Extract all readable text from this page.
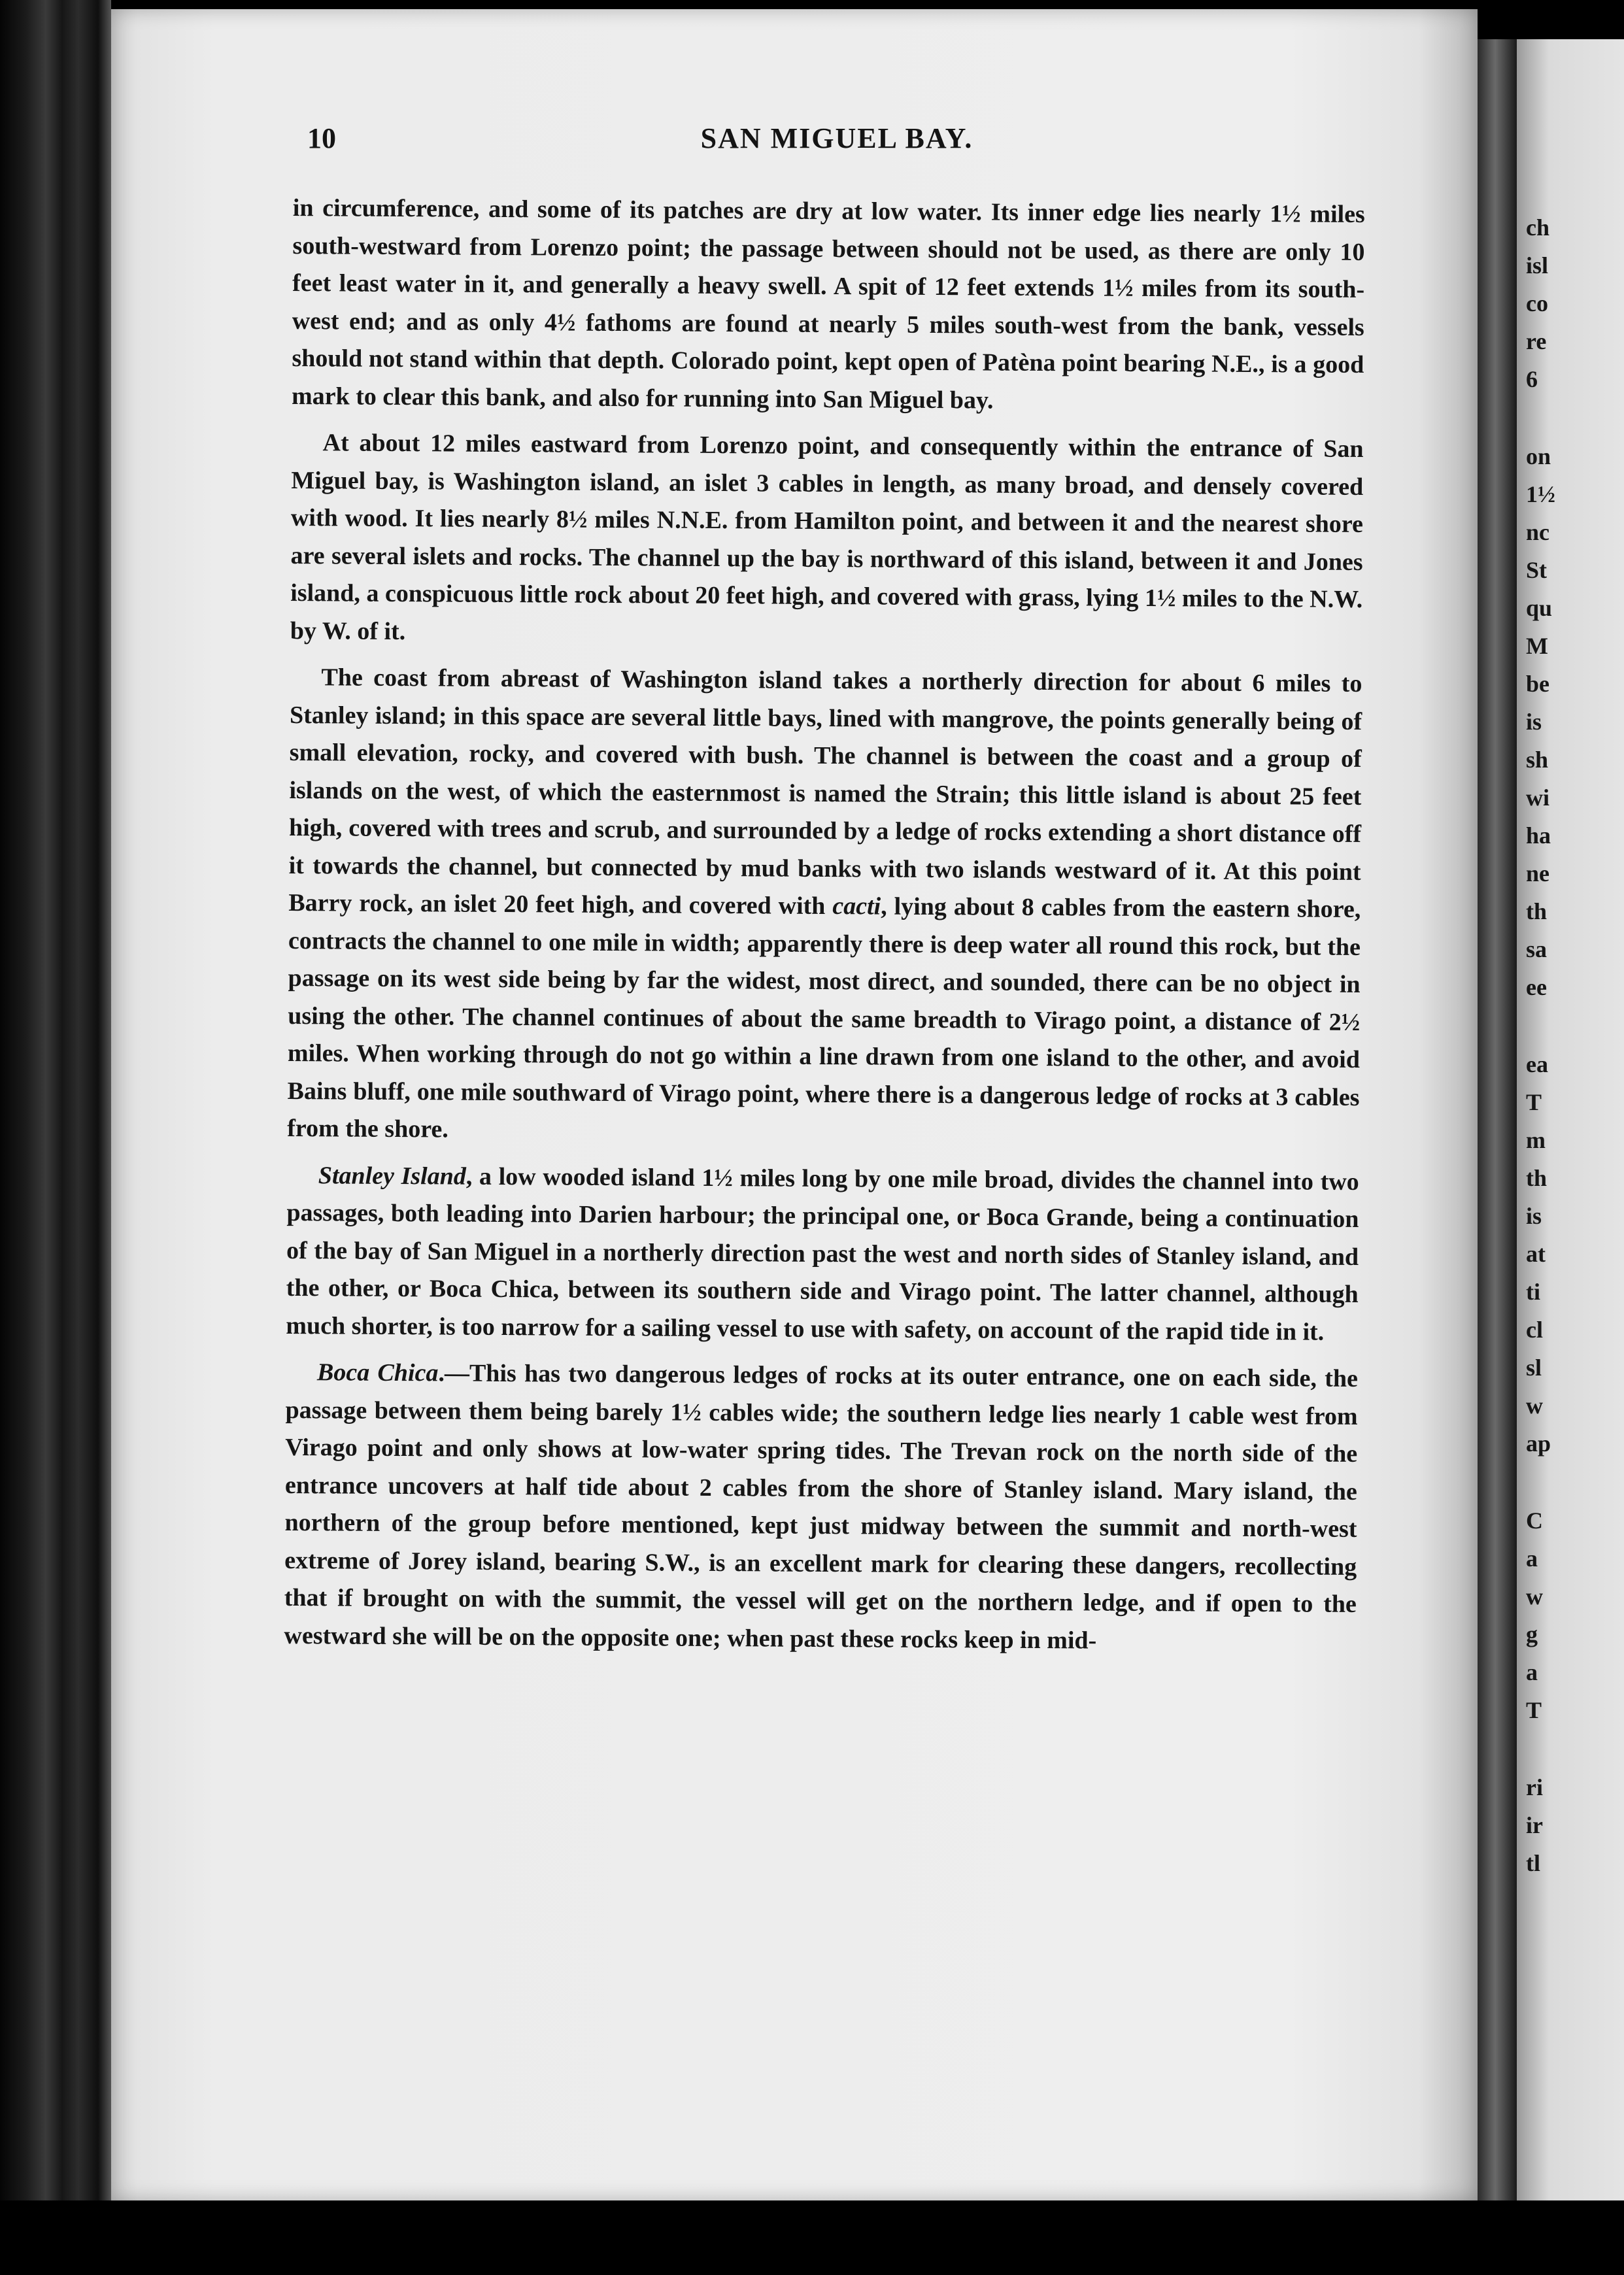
10	SAN MIGUEL BAY.

in circumference, and some of its patches are dry at low water. Its inner edge lies nearly 1½ miles south-westward from Lorenzo point; the passage between should not be used, as there are only 10 feet least water in it, and generally a heavy swell. A spit of 12 feet extends 1½ miles from its south-west end; and as only 4½ fathoms are found at nearly 5 miles south-west from the bank, vessels should not stand within that depth. Colorado point, kept open of Patèna point bearing N.E., is a good mark to clear this bank, and also for running into San Miguel bay.

At about 12 miles eastward from Lorenzo point, and consequently within the entrance of San Miguel bay, is Washington island, an islet 3 cables in length, as many broad, and densely covered with wood. It lies nearly 8½ miles N.N.E. from Hamilton point, and between it and the nearest shore are several islets and rocks. The channel up the bay is northward of this island, between it and Jones island, a conspicuous little rock about 20 feet high, and covered with grass, lying 1½ miles to the N.W. by W. of it.

The coast from abreast of Washington island takes a northerly direction for about 6 miles to Stanley island; in this space are several little bays, lined with mangrove, the points generally being of small elevation, rocky, and covered with bush. The channel is between the coast and a group of islands on the west, of which the easternmost is named the Strain; this little island is about 25 feet high, covered with trees and scrub, and surrounded by a ledge of rocks extending a short distance off it towards the channel, but connected by mud banks with two islands westward of it. At this point Barry rock, an islet 20 feet high, and covered with cacti, lying about 8 cables from the eastern shore, contracts the channel to one mile in width; apparently there is deep water all round this rock, but the passage on its west side being by far the widest, most direct, and sounded, there can be no object in using the other. The channel continues of about the same breadth to Virago point, a distance of 2½ miles. When working through do not go within a line drawn from one island to the other, and avoid Bains bluff, one mile southward of Virago point, where there is a dangerous ledge of rocks at 3 cables from the shore.

Stanley Island, a low wooded island 1½ miles long by one mile broad, divides the channel into two passages, both leading into Darien harbour; the principal one, or Boca Grande, being a continuation of the bay of San Miguel in a northerly direction past the west and north sides of Stanley island, and the other, or Boca Chica, between its southern side and Virago point. The latter channel, although much shorter, is too narrow for a sailing vessel to use with safety, on account of the rapid tide in it.

Boca Chica.—This has two dangerous ledges of rocks at its outer entrance, one on each side, the passage between them being barely 1½ cables wide; the southern ledge lies nearly 1 cable west from Virago point and only shows at low-water spring tides. The Trevan rock on the north side of the entrance uncovers at half tide about 2 cables from the shore of Stanley island. Mary island, the northern of the group before mentioned, kept just midway between the summit and north-west extreme of Jorey island, bearing S.W., is an excellent mark for clearing these dangers, recollecting that if brought on with the summit, the vessel will get on the northern ledge, and if open to the westward she will be on the opposite one; when past these rocks keep in mid-

ch
isl
co
re
6
on
1½
nc
St
qu
M
be
is
sh
wi
ha
ne
th
sa
ee
ea
T
m
th
is
at
ti
cl
sl
w
ap
C
a
w
g
a
T
ri
ir
tl
